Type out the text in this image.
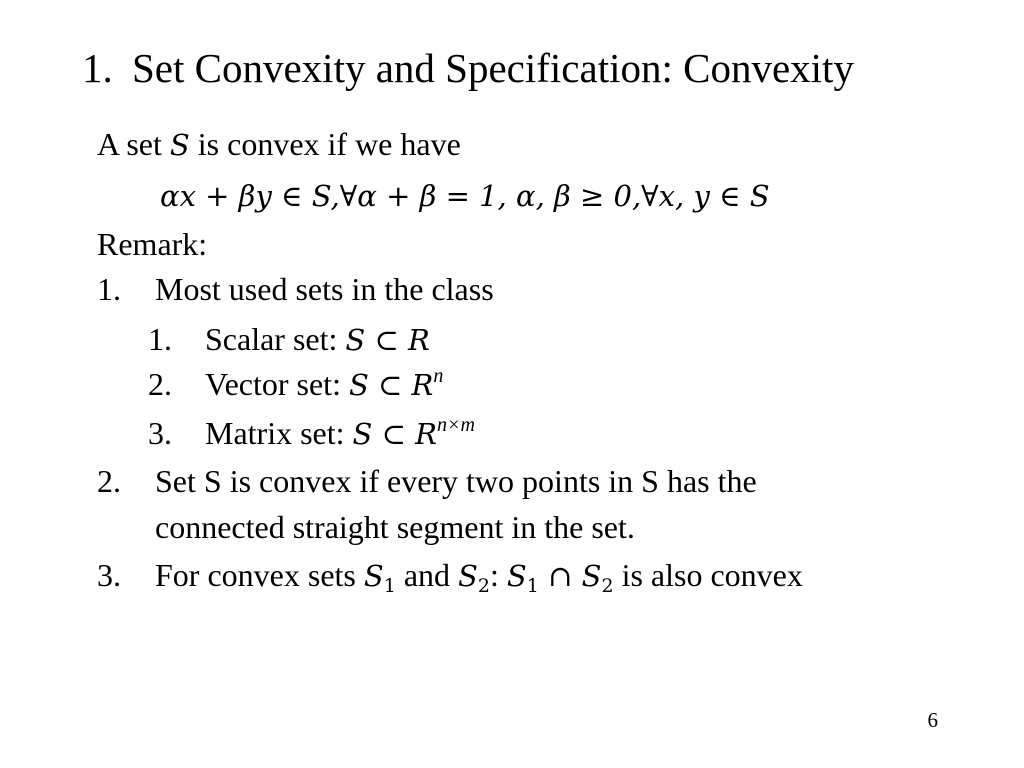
1. Set Convexity and Specification: Convexity
A set S is convex if we have
αx + βy ∈ S,∀α + β = 1, α, β ≥ 0,∀x, y ∈ S
Remark:
1. Most used sets in the class
1. Scalar set: S ⊂ R
2. Vector set: S ⊂ $R^n$
3. Matrix set: S ⊂ $R^{n\times m}$
2. Set S is convex if every two points in S has the
connected straight segment in the set.
3. For convex sets $S_1$ and $S_2$: $S_1$ ∩ $S_2$ is also convex
6
